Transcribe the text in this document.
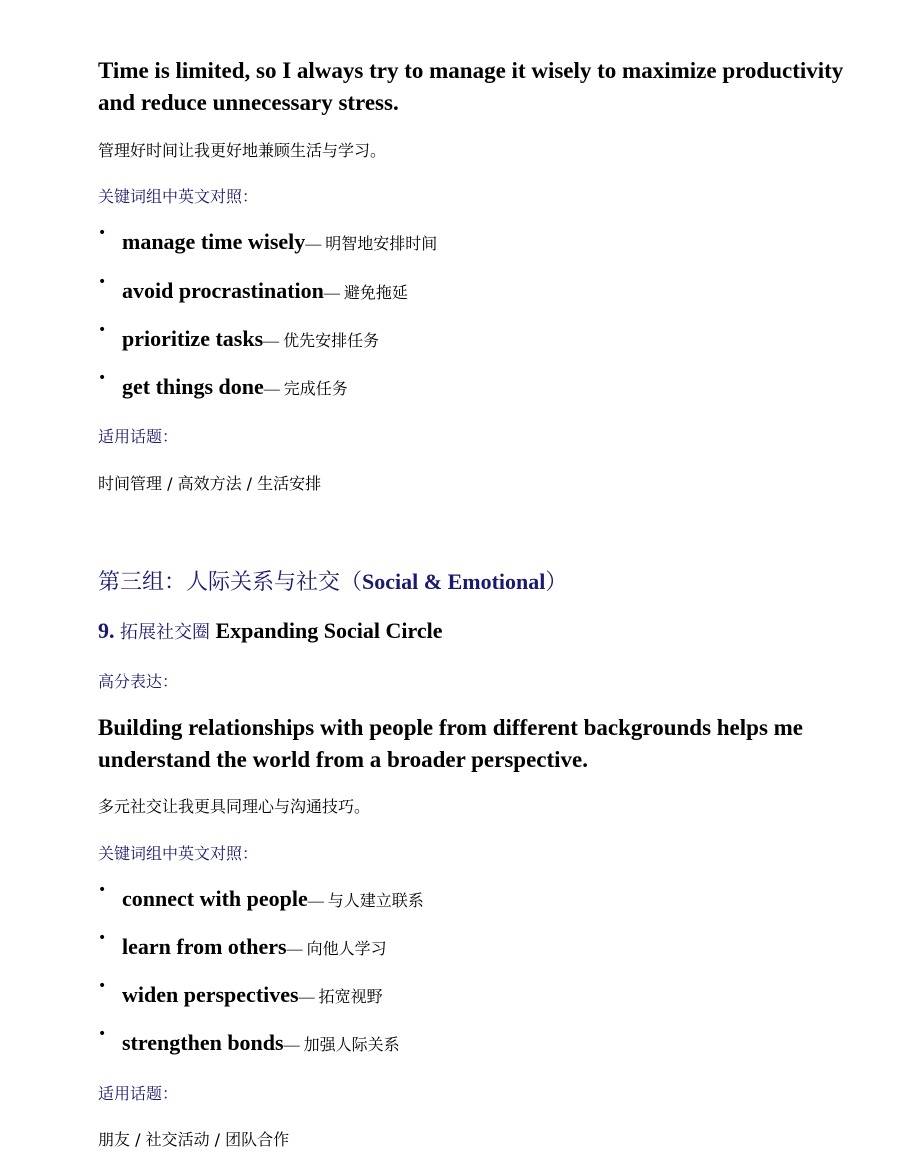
Time is limited, so I always try to manage it wisely to maximize productivity and reduce unnecessary stress.
管理好时间让我更好地兼顾生活与学习。
关键词组中英文对照：
• manage time wisely— 明智地安排时间
• avoid procrastination— 避免拖延
• prioritize tasks— 优先安排任务
• get things done— 完成任务
适用话题：
时间管理 / 高效方法 / 生活安排
第三组：人际关系与社交（Social & Emotional）
9. 拓展社交圈 Expanding Social Circle
高分表达：
Building relationships with people from different backgrounds helps me understand the world from a broader perspective.
多元社交让我更具同理心与沟通技巧。
关键词组中英文对照：
• connect with people— 与人建立联系
• learn from others— 向他人学习
• widen perspectives— 拓宽视野
• strengthen bonds— 加强人际关系
适用话题：
朋友 / 社交活动 / 团队合作
